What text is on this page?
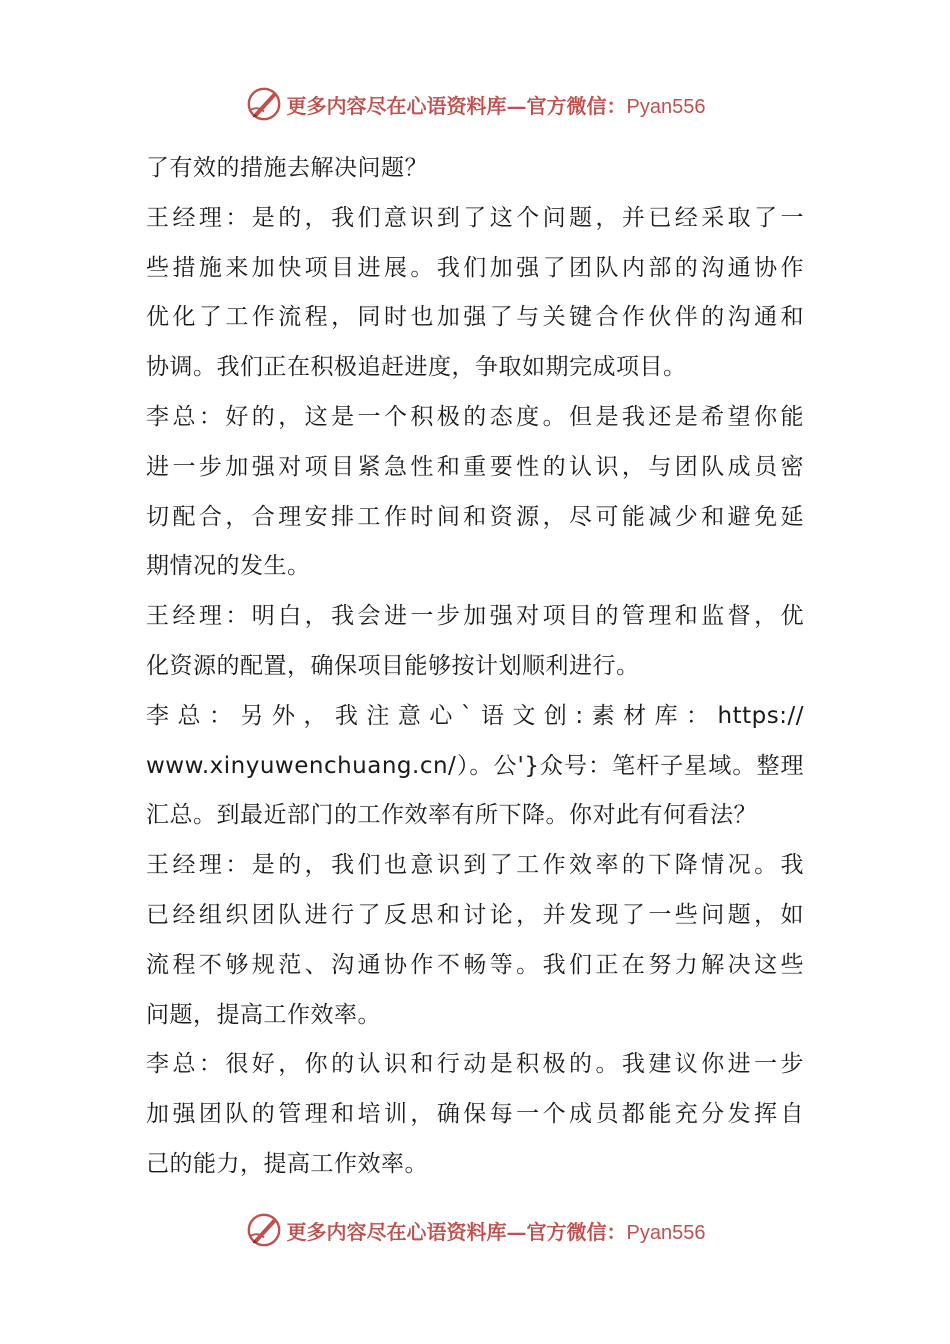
更多内容尽在心语资料库—官方微信：Pyan556
了有效的措施去解决问题？
王经理：是的，我们意识到了这个问题，并已经采取了一
些措施来加快项目进展。我们加强了团队内部的沟通协作
优化了工作流程，同时也加强了与关键合作伙伴的沟通和
协调。我们正在积极追赶进度，争取如期完成项目。
李总：好的，这是一个积极的态度。但是我还是希望你能
进一步加强对项目紧急性和重要性的认识，与团队成员密
切配合，合理安排工作时间和资源，尽可能减少和避免延
期情况的发生。
王经理：明白，我会进一步加强对项目的管理和监督，优
化资源的配置，确保项目能够按计划顺利进行。
李总：另外，我注意心`语文创:素材库：https://
www.xinyuwenchuang.cn/）。公'}众号：笔杆子星域。整理
汇总。到最近部门的工作效率有所下降。你对此有何看法？
王经理：是的，我们也意识到了工作效率的下降情况。我
已经组织团队进行了反思和讨论，并发现了一些问题，如
流程不够规范、沟通协作不畅等。我们正在努力解决这些
问题，提高工作效率。
李总：很好，你的认识和行动是积极的。我建议你进一步
加强团队的管理和培训，确保每一个成员都能充分发挥自
己的能力，提高工作效率。
更多内容尽在心语资料库—官方微信：Pyan556
